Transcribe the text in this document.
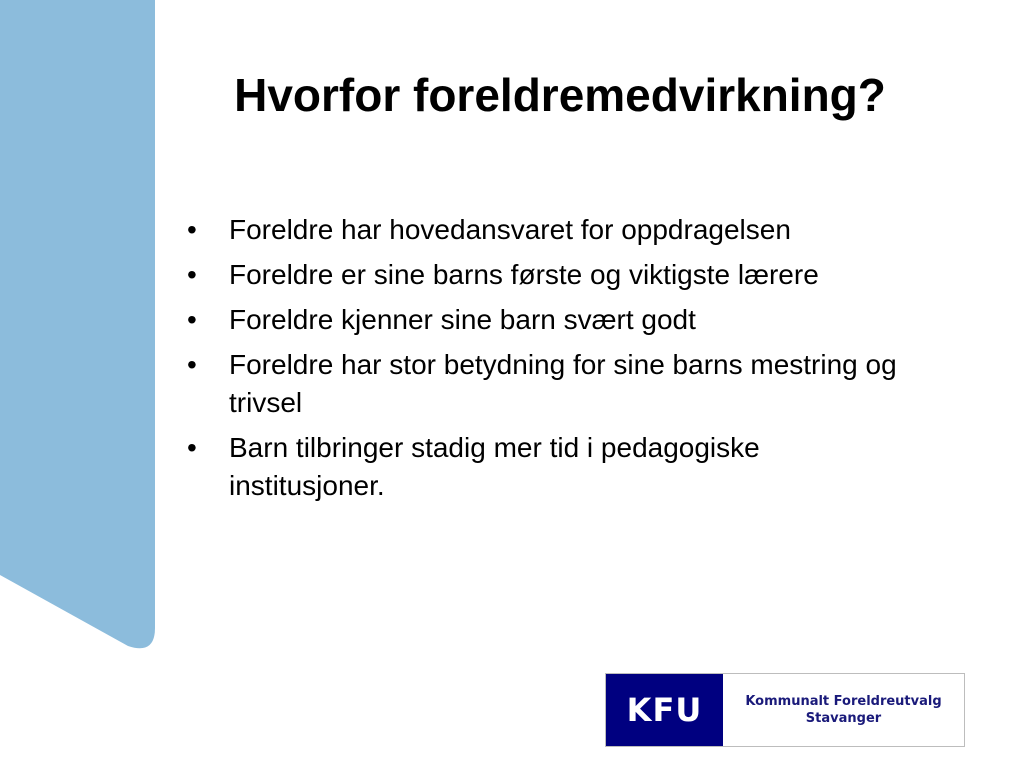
Hvorfor foreldremedvirkning?
• Foreldre har hovedansvaret for oppdragelsen
• Foreldre er sine barns første og viktigste lærere
• Foreldre kjenner sine barn svært godt
• Foreldre har stor betydning for sine barns mestring og trivsel
• Barn tilbringer stadig mer tid i pedagogiske institusjoner.
KFU	Kommunalt Foreldreutvalg
Stavanger
